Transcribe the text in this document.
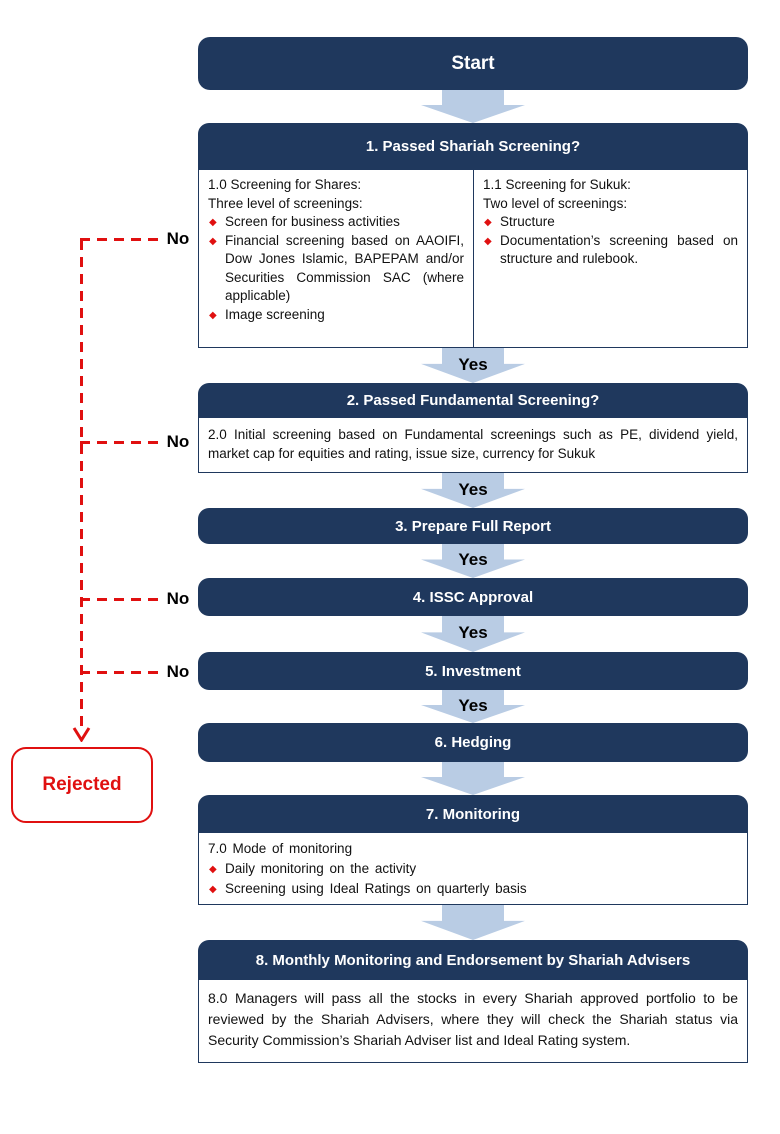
No
No
No
No
Rejected
Start
1. Passed Shariah Screening?
1.0 Screening for Shares:
Three level of screenings:
◆ Screen for business activities
◆ Financial screening based on AAOIFI, Dow Jones Islamic, BAPEPAM and/or Securities Commission SAC (where applicable)
◆ Image screening
1.1 Screening for Sukuk:
Two level of screenings:
◆ Structure
◆ Documentation’s screening based on structure and rulebook.
Yes
2. Passed Fundamental Screening?
2.0 Initial screening based on Fundamental screenings such as PE, dividend yield, market cap for equities and rating, issue size, currency for Sukuk
Yes
3. Prepare Full Report
Yes
4. ISSC Approval
Yes
5. Investment
Yes
6. Hedging
7. Monitoring
7.0 Mode of monitoring
◆ Daily monitoring on the activity
◆ Screening using Ideal Ratings on quarterly basis
8. Monthly Monitoring and Endorsement by Shariah Advisers
8.0 Managers will pass all the stocks in every Shariah approved portfolio to be reviewed by the Shariah Advisers, where they will check the Shariah status via Security Commission’s Shariah Adviser list and Ideal Rating system.
